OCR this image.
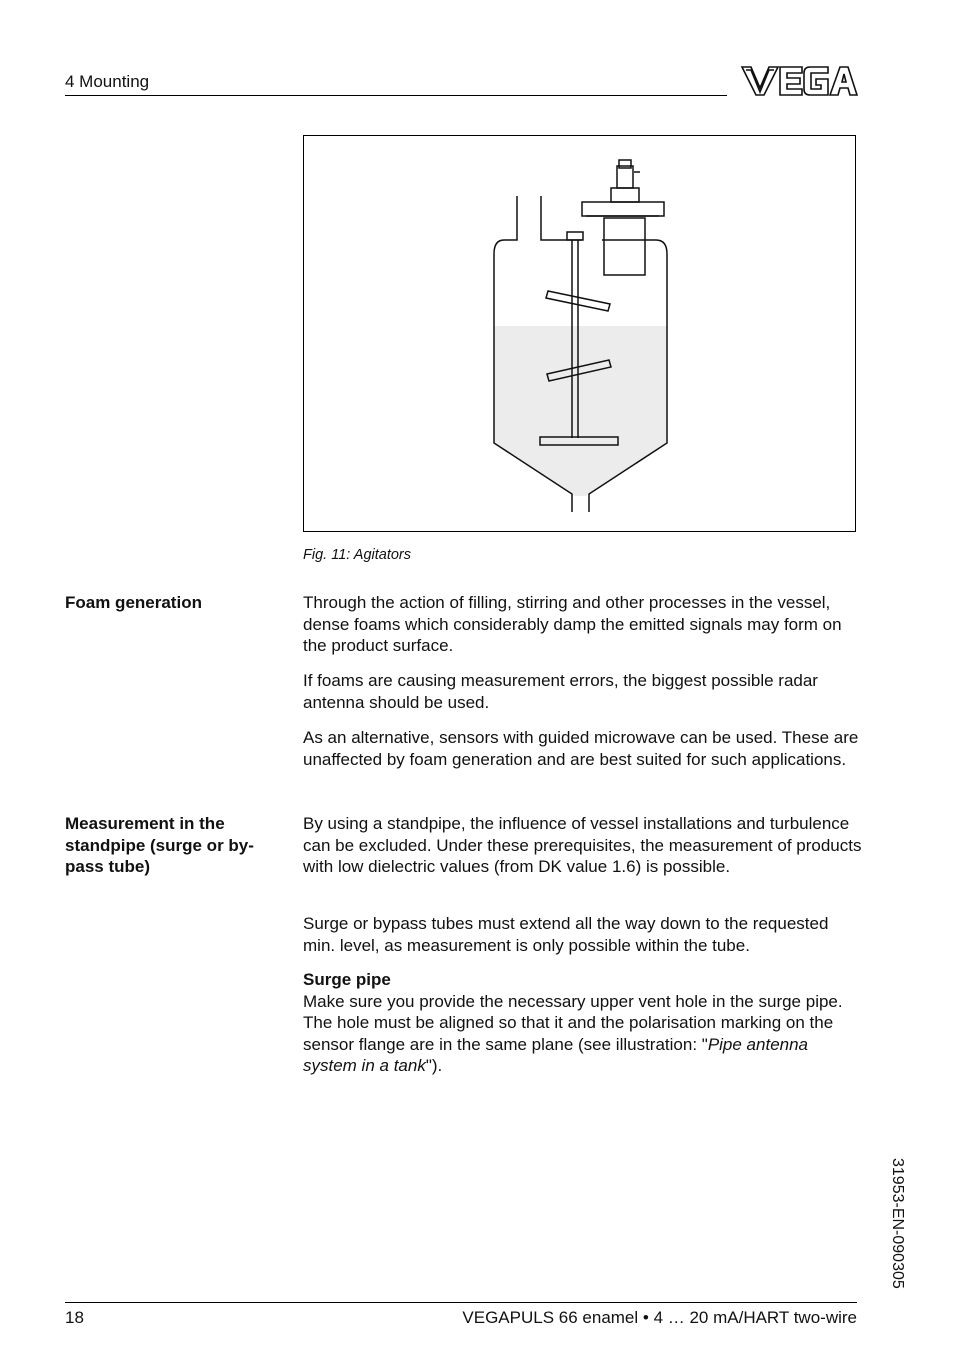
4 Mounting
Fig. 11: Agitators
Foam generation	Through the action of filling, stirring and other processes in the vessel, dense foams which considerably damp the emitted signals may form on the product surface.

If foams are causing measurement errors, the biggest possible radar antenna should be used.

As an alternative, sensors with guided microwave can be used. These are unaffected by foam generation and are best suited for such applications.

Measurement in the standpipe (surge or by-pass tube)

By using a standpipe, the influence of vessel installations and turbulence can be excluded. Under these prerequisites, the measurement of products with low dielectric values (from DK value 1.6) is possible.

Surge or bypass tubes must extend all the way down to the requested min. level, as measurement is only possible within the tube.

Surge pipe
Make sure you provide the necessary upper vent hole in the surge pipe. The hole must be aligned so that it and the polarisation marking on the sensor flange are in the same plane (see illustration: "Pipe antenna system in a tank").

31953-EN-090305
18	VEGAPULS 66 enamel • 4 … 20 mA/HART two-wire
